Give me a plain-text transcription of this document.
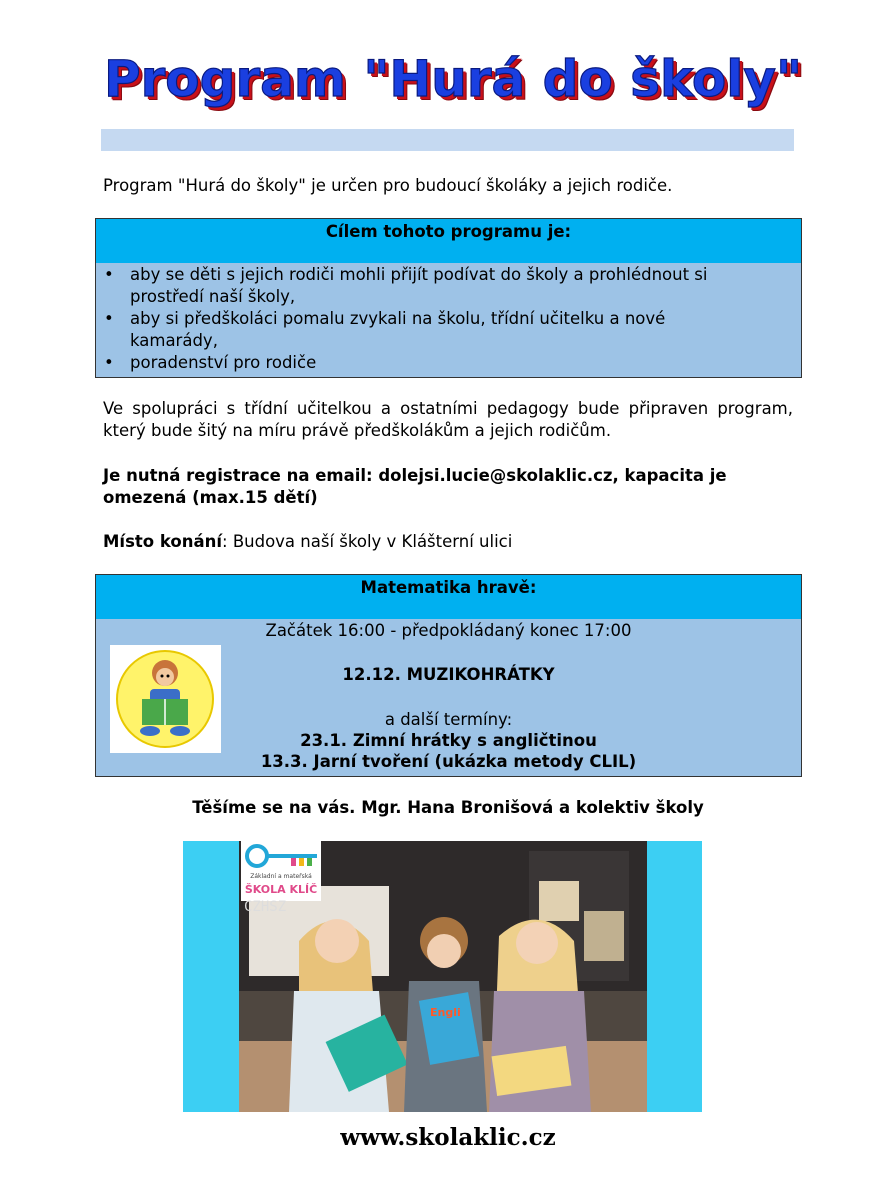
Program "Hurá do školy"
Program "Hurá do školy" je určen pro budoucí školáky a jejich rodiče.
Cílem tohoto programu je:
• aby se děti s jejich rodiči mohli přijít podívat do školy a prohlédnout si
prostředí naší školy,
• aby si předškoláci pomalu zvykali na školu, třídní učitelku a nové
kamarády,
• poradenství pro rodiče
Ve spolupráci s třídní učitelkou a ostatními pedagogy bude připraven program, který bude šitý na míru právě předškolákům a jejich rodičům.
Je nutná registrace na email: dolejsi.lucie@skolaklic.cz, kapacita je omezená (max.15 dětí)
Místo konání: Budova naší školy v Klášterní ulici
Matematika hravě:
Začátek 16:00 - předpokládaný konec 17:00
12.12. MUZIKOHRÁTKY
a další termíny:
23.1. Zimní hrátky s angličtinou
13.3. Jarní tvoření (ukázka metody CLIL)
Těšíme se na vás. Mgr. Hana Bronišová a kolektiv školy
Základní a mateřská
ŠKOLA KLÍČ
CZHSZ
Engli
www.skolaklic.cz
